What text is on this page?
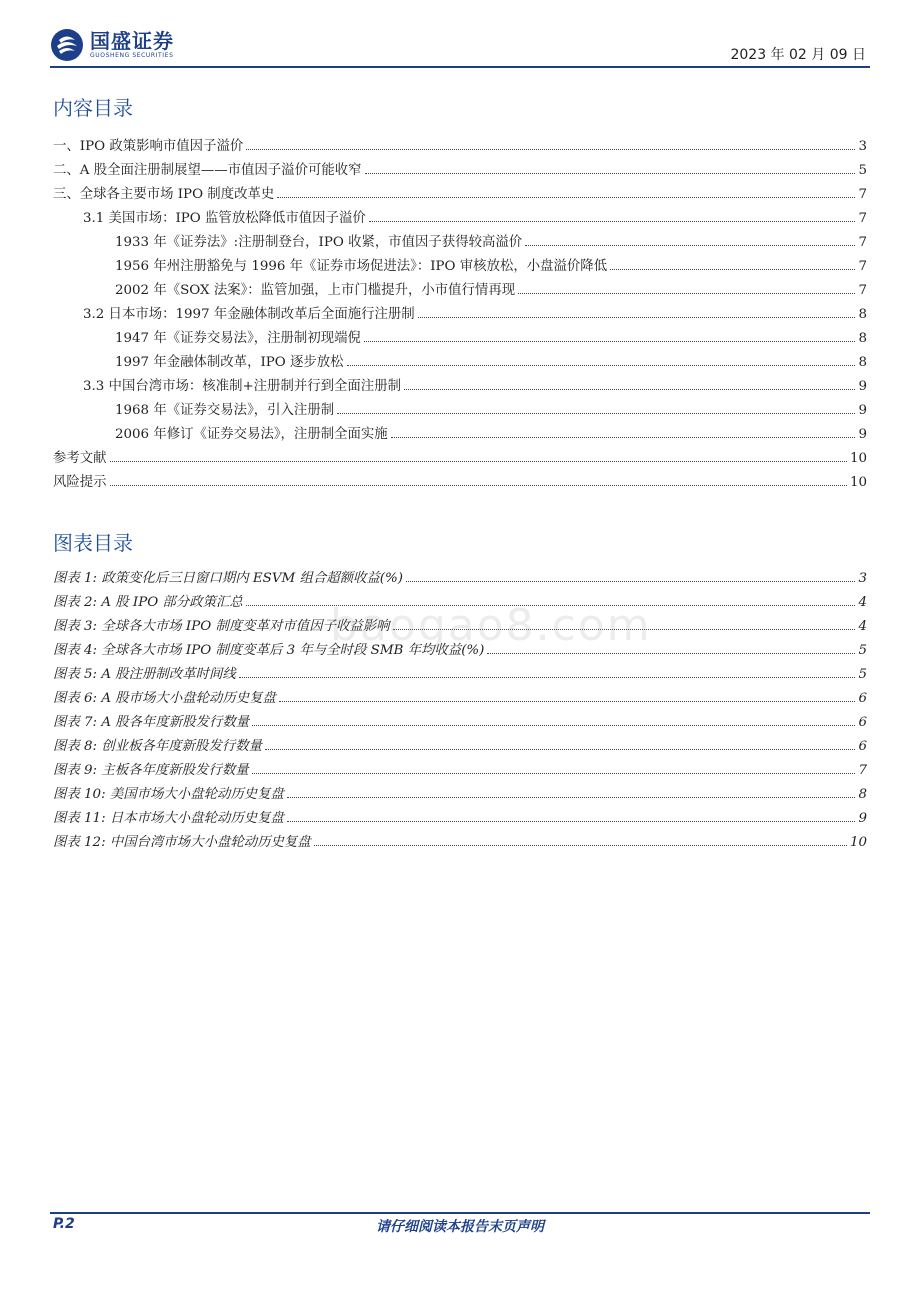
国盛证券
GUOSHENG SECURITIES	2023 年 02 月 09 日
内容目录
一、IPO 政策影响市值因子溢价	3
二、A 股全面注册制展望——市值因子溢价可能收窄	5
三、全球各主要市场 IPO 制度改革史	7
3.1 美国市场：IPO 监管放松降低市值因子溢价	7
1933 年《证券法》:注册制登台，IPO 收紧，市值因子获得较高溢价	7
1956 年州注册豁免与 1996 年《证券市场促进法》：IPO 审核放松，小盘溢价降低	7
2002 年《SOX 法案》：监管加强，上市门槛提升，小市值行情再现	7
3.2 日本市场：1997 年金融体制改革后全面施行注册制	8
1947 年《证券交易法》，注册制初现端倪	8
1997 年金融体制改革，IPO 逐步放松	8
3.3 中国台湾市场：核准制+注册制并行到全面注册制	9
1968 年《证券交易法》，引入注册制	9
2006 年修订《证券交易法》，注册制全面实施	9
参考文献	10
风险提示	10
图表目录
图表 1: 政策变化后三日窗口期内 ESVM 组合超额收益(%)	3
图表 2: A 股 IPO 部分政策汇总	4
图表 3: 全球各大市场 IPO 制度变革对市值因子收益影响	4
图表 4: 全球各大市场 IPO 制度变革后 3 年与全时段 SMB 年均收益(%)	5
图表 5: A 股注册制改革时间线	5
图表 6: A 股市场大小盘轮动历史复盘	6
图表 7: A 股各年度新股发行数量	6
图表 8: 创业板各年度新股发行数量	6
图表 9: 主板各年度新股发行数量	7
图表 10: 美国市场大小盘轮动历史复盘	8
图表 11: 日本市场大小盘轮动历史复盘	9
图表 12: 中国台湾市场大小盘轮动历史复盘	10
baogao8.com
P.2	请仔细阅读本报告末页声明
